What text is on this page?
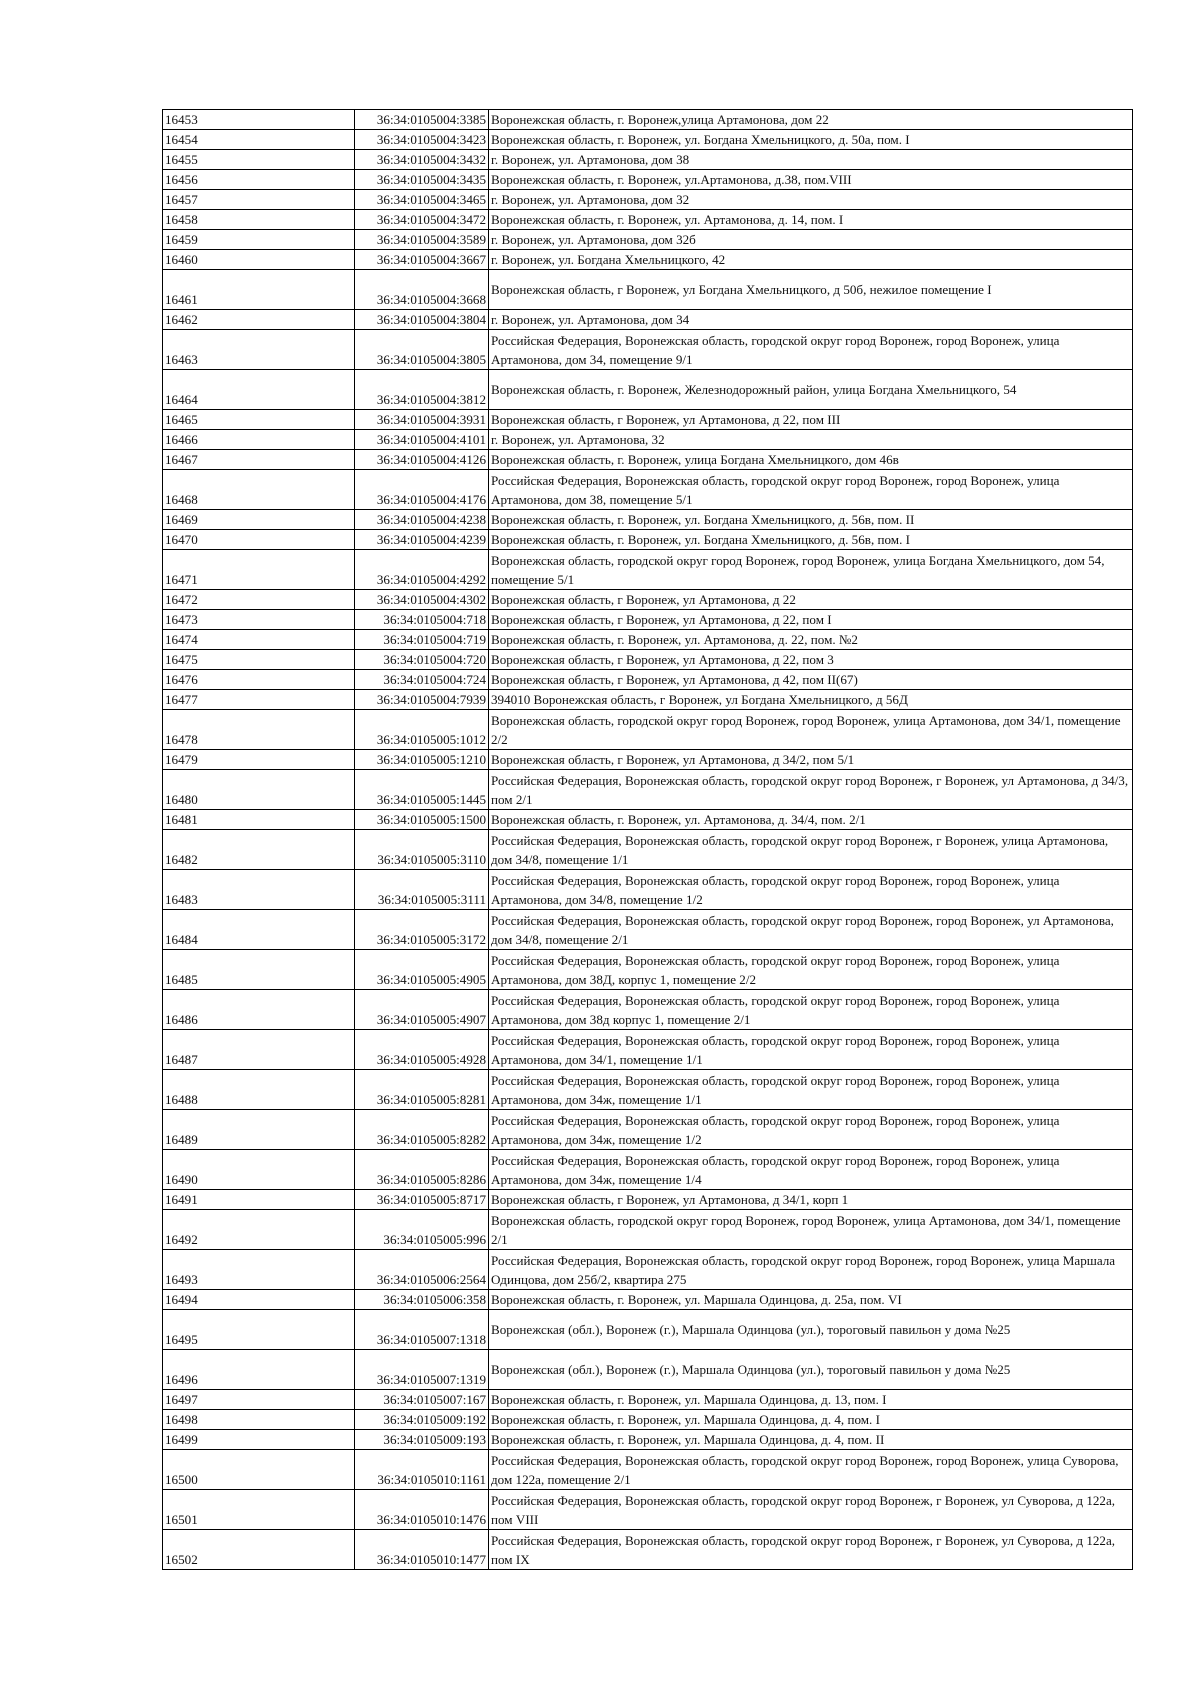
16453	36:34:0105004:3385	Воронежская область, г. Воронеж,улица Артамонова, дом 22
16454	36:34:0105004:3423	Воронежская область, г. Воронеж, ул. Богдана Хмельницкого, д. 50а, пом. I
16455	36:34:0105004:3432	г. Воронеж, ул. Артамонова, дом 38
16456	36:34:0105004:3435	Воронежская область, г. Воронеж, ул.Артамонова, д.38, пом.VIII
16457	36:34:0105004:3465	г. Воронеж, ул. Артамонова, дом 32
16458	36:34:0105004:3472	Воронежская область, г. Воронеж, ул. Артамонова, д. 14, пом. I
16459	36:34:0105004:3589	г. Воронеж, ул. Артамонова, дом 32б
16460	36:34:0105004:3667	г. Воронеж, ул. Богдана Хмельницкого, 42
16461	36:34:0105004:3668	Воронежская область, г Воронеж, ул Богдана Хмельницкого, д 50б, нежилое помещение I
16462	36:34:0105004:3804	г. Воронеж, ул. Артамонова, дом 34
16463	36:34:0105004:3805	Российская Федерация, Воронежская область, городской округ город Воронеж, город Воронеж, улица Артамонова, дом 34, помещение 9/1
16464	36:34:0105004:3812	Воронежская область, г. Воронеж, Железнодорожный район, улица Богдана Хмельницкого, 54
16465	36:34:0105004:3931	Воронежская область, г Воронеж, ул Артамонова, д 22, пом III
16466	36:34:0105004:4101	г. Воронеж, ул. Артамонова, 32
16467	36:34:0105004:4126	Воронежская область, г. Воронеж, улица Богдана Хмельницкого, дом 46в
16468	36:34:0105004:4176	Российская Федерация, Воронежская область, городской округ город Воронеж, город Воронеж, улица Артамонова, дом 38, помещение 5/1
16469	36:34:0105004:4238	Воронежская область, г. Воронеж, ул. Богдана Хмельницкого, д. 56в, пом. II
16470	36:34:0105004:4239	Воронежская область, г. Воронеж, ул. Богдана Хмельницкого, д. 56в, пом. I
16471	36:34:0105004:4292	Воронежская область, городской округ город Воронеж, город Воронеж, улица Богдана Хмельницкого, дом 54, помещение 5/1
16472	36:34:0105004:4302	Воронежская область, г Воронеж, ул Артамонова, д 22
16473	36:34:0105004:718	Воронежская область, г Воронеж, ул Артамонова, д 22, пом I
16474	36:34:0105004:719	Воронежская область, г. Воронеж, ул. Артамонова, д. 22, пом. №2
16475	36:34:0105004:720	Воронежская область, г Воронеж, ул Артамонова, д 22, пом 3
16476	36:34:0105004:724	Воронежская область, г Воронеж, ул Артамонова, д 42, пом II(67)
16477	36:34:0105004:7939	394010 Воронежская область, г Воронеж, ул Богдана Хмельницкого, д 56Д
16478	36:34:0105005:1012	Воронежская область, городской округ город Воронеж, город Воронеж, улица Артамонова, дом 34/1, помещение 2/2
16479	36:34:0105005:1210	Воронежская область, г Воронеж, ул Артамонова, д 34/2, пом 5/1
16480	36:34:0105005:1445	Российская Федерация, Воронежская область, городской округ город Воронеж, г Воронеж, ул Артамонова, д 34/3, пом 2/1
16481	36:34:0105005:1500	Воронежская область, г. Воронеж, ул. Артамонова, д. 34/4, пом. 2/1
16482	36:34:0105005:3110	Российская Федерация, Воронежская область, городской округ город Воронеж, г Воронеж, улица Артамонова, дом 34/8, помещение 1/1
16483	36:34:0105005:3111	Российская Федерация, Воронежская область, городской округ город Воронеж, город Воронеж, улица Артамонова, дом 34/8, помещение 1/2
16484	36:34:0105005:3172	Российская Федерация, Воронежская область, городской округ город Воронеж, город Воронеж, ул Артамонова, дом 34/8, помещение 2/1
16485	36:34:0105005:4905	Российская Федерация, Воронежская область, городской округ город Воронеж, город Воронеж, улица Артамонова, дом 38Д, корпус 1, помещение 2/2
16486	36:34:0105005:4907	Российская Федерация, Воронежская область, городской округ город Воронеж, город Воронеж, улица Артамонова, дом 38д корпус 1, помещение 2/1
16487	36:34:0105005:4928	Российская Федерация, Воронежская область, городской округ город Воронеж, город Воронеж, улица Артамонова, дом 34/1, помещение 1/1
16488	36:34:0105005:8281	Российская Федерация, Воронежская область, городской округ город Воронеж, город Воронеж, улица Артамонова, дом 34ж, помещение 1/1
16489	36:34:0105005:8282	Российская Федерация, Воронежская область, городской округ город Воронеж, город Воронеж, улица Артамонова, дом 34ж, помещение 1/2
16490	36:34:0105005:8286	Российская Федерация, Воронежская область, городской округ город Воронеж, город Воронеж, улица Артамонова, дом 34ж, помещение 1/4
16491	36:34:0105005:8717	Воронежская область, г Воронеж, ул Артамонова, д 34/1, корп 1
16492	36:34:0105005:996	Воронежская область, городской округ город Воронеж, город Воронеж, улица Артамонова, дом 34/1, помещение 2/1
16493	36:34:0105006:2564	Российская Федерация, Воронежская область, городской округ город Воронеж, город Воронеж, улица Маршала Одинцова, дом 25б/2, квартира 275
16494	36:34:0105006:358	Воронежская область, г. Воронеж, ул. Маршала Одинцова, д. 25а, пом. VI
16495	36:34:0105007:1318	Воронежская (обл.), Воронеж (г.), Маршала Одинцова (ул.), тороговый павильон у дома №25
16496	36:34:0105007:1319	Воронежская (обл.), Воронеж (г.), Маршала Одинцова (ул.), тороговый павильон у дома №25
16497	36:34:0105007:167	Воронежская область, г. Воронеж, ул. Маршала Одинцова, д. 13, пом. I
16498	36:34:0105009:192	Воронежская область, г. Воронеж, ул. Маршала Одинцова, д. 4, пом. I
16499	36:34:0105009:193	Воронежская область, г. Воронеж, ул. Маршала Одинцова, д. 4, пом. II
16500	36:34:0105010:1161	Российская Федерация, Воронежская область, городской округ город Воронеж, город Воронеж, улица Суворова, дом 122а, помещение 2/1
16501	36:34:0105010:1476	Российская Федерация, Воронежская область, городской округ город Воронеж, г Воронеж, ул Суворова, д 122а, пом VIII
16502	36:34:0105010:1477	Российская Федерация, Воронежская область, городской округ город Воронеж, г Воронеж, ул Суворова, д 122а, пом IX
